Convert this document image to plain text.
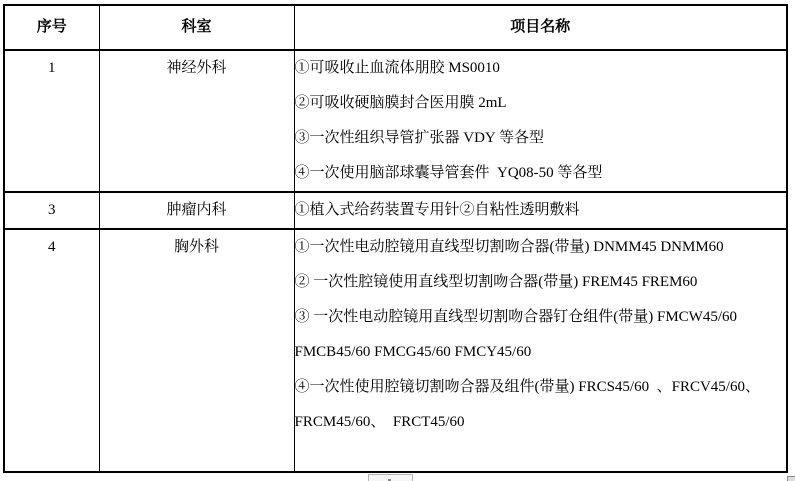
序号	科室	项目名称
1	神经外科	①可吸收止血流体朋胶 MS0010
②可吸收硬脑膜封合医用膜 2mL
③一次性组织导管扩张器 VDY 等各型
④一次使用脑部球囊导管套件  YQ08-50 等各型

3	肿瘤内科	①植入式给药装置专用针②自粘性透明敷料

4	胸外科	①一次性电动腔镜用直线型切割吻合器(带量) DNMM45 DNMM60
② 一次性腔镜使用直线型切割吻合器(带量) FREM45 FREM60
③ 一次性电动腔镜用直线型切割吻合器钉仓组件(带量) FMCW45/60
FMCB45/60 FMCG45/60 FMCY45/60
④一次性使用腔镜切割吻合器及组件(带量) FRCS45/60  、FRCV45/60、
FRCM45/60、  FRCT45/60
